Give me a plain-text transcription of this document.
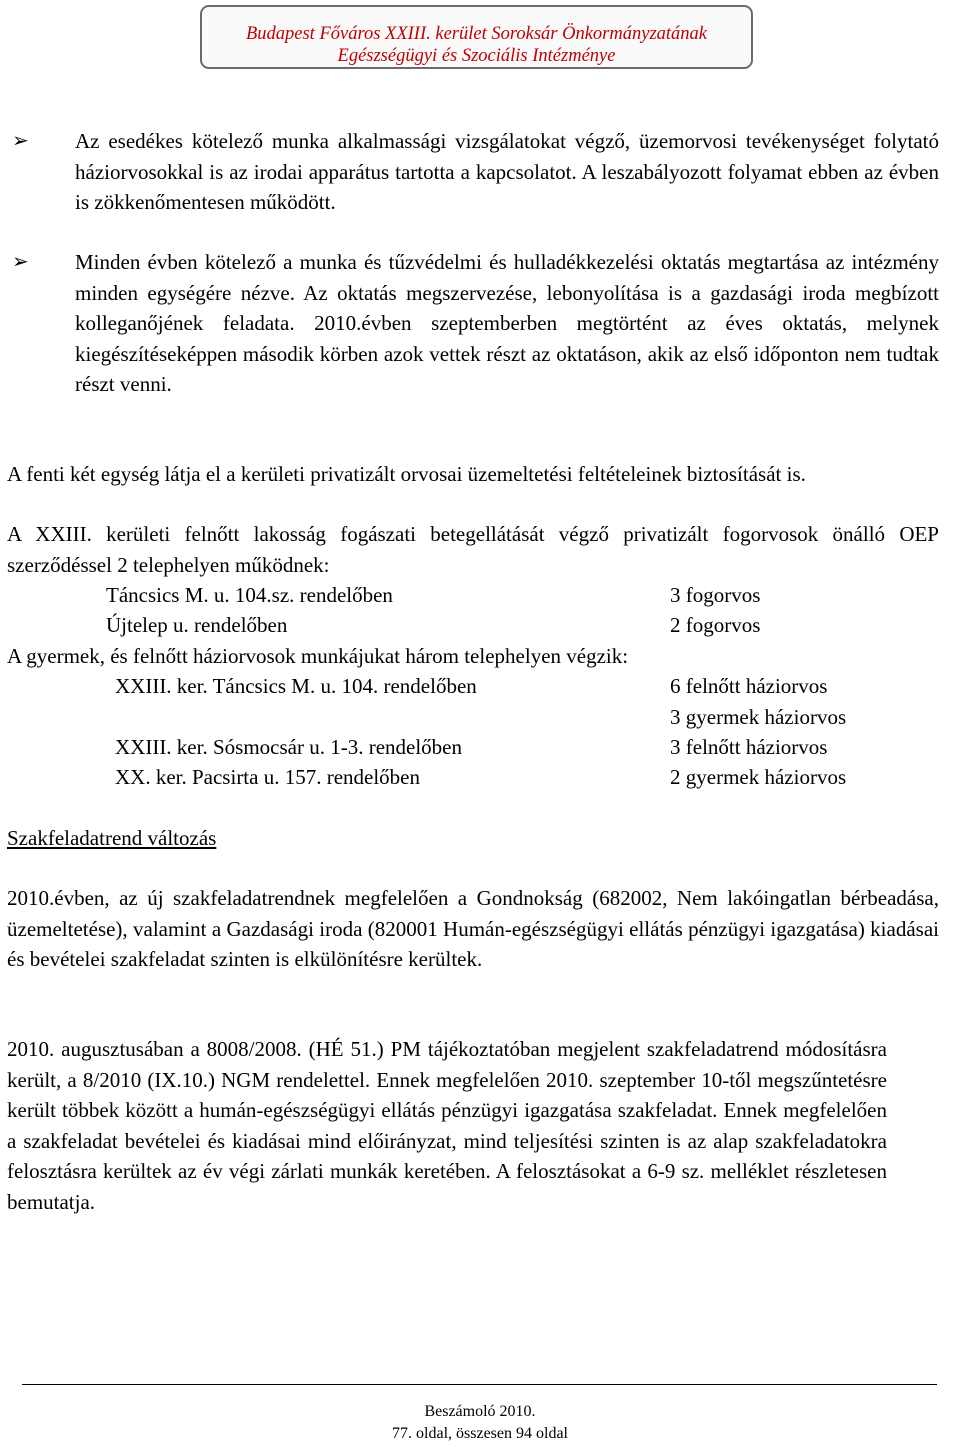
Budapest Főváros XXIII. kerület Soroksár Önkormányzatának
Egészségügyi és Szociális Intézménye
➢ Az esedékes kötelező munka alkalmassági vizsgálatokat végző, üzemorvosi tevékenységet folytató háziorvosokkal is az irodai apparátus tartotta a kapcsolatot. A leszabályozott folyamat ebben az évben is zökkenőmentesen működött.

➢ Minden évben kötelező a munka és tűzvédelmi és hulladékkezelési oktatás megtartása az intézmény minden egységére nézve. Az oktatás megszervezése, lebonyolítása is a gazdasági iroda megbízott kolleganőjének feladata. 2010.évben szeptemberben megtörtént az éves oktatás, melynek kiegészítéseképpen második körben azok vettek részt az oktatáson, akik az első időponton nem tudtak részt venni.

A fenti két egység látja el a kerületi privatizált orvosai üzemeltetési feltételeinek biztosítását is.

A XXIII. kerületi felnőtt lakosság fogászati betegellátását végző privatizált fogorvosok önálló OEP szerződéssel 2 telephelyen működnek:

Táncsics M. u. 104.sz. rendelőben	3 fogorvos
Újtelep u. rendelőben	2 fogorvos
A gyermek, és felnőtt háziorvosok munkájukat három telephelyen végzik:
XXIII. ker. Táncsics M. u. 104. rendelőben	6 felnőtt háziorvos
3 gyermek háziorvos
XXIII. ker. Sósmocsár u. 1-3. rendelőben	3 felnőtt háziorvos
XX. ker. Pacsirta u. 157. rendelőben	2 gyermek háziorvos
Szakfeladatrend változás

2010.évben, az új szakfeladatrendnek megfelelően a Gondnokság (682002, Nem lakóingatlan bérbeadása, üzemeltetése), valamint a Gazdasági iroda (820001 Humán-egészségügyi ellátás pénzügyi igazgatása) kiadásai és bevételei szakfeladat szinten is elkülönítésre kerültek.

2010. augusztusában a 8008/2008. (HÉ 51.) PM tájékoztatóban megjelent szakfeladatrend módosításra került, a 8/2010 (IX.10.) NGM rendelettel. Ennek megfelelően 2010. szeptember 10-től megszűntetésre került többek között a humán-egészségügyi ellátás pénzügyi igazgatása szakfeladat. Ennek megfelelően a szakfeladat bevételei és kiadásai mind előirányzat, mind teljesítési szinten is az alap szakfeladatokra felosztásra kerültek az év végi zárlati munkák keretében. A felosztásokat a 6-9 sz. melléklet részletesen bemutatja.

Beszámoló 2010.
77. oldal, összesen 94 oldal
